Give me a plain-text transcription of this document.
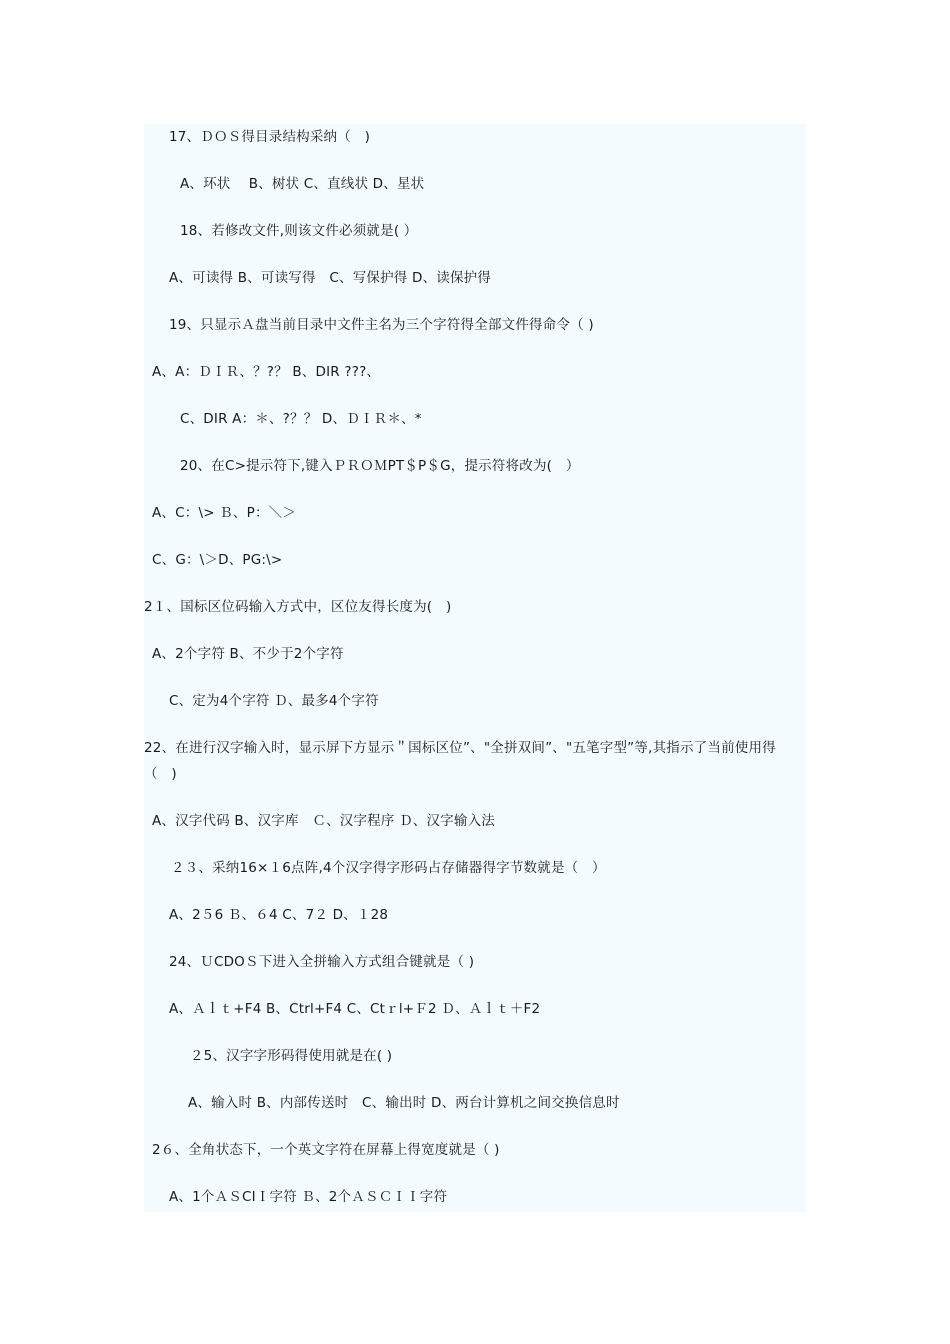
17、ＤＯＳ得目录结构采纳（　)
A、环状　 B、树状 C、直线状 D、星状
18、若修改文件,则该文件必须就是( ）
A、可读得 B、可读写得　C、写保护得 D、读保护得
19、只显示Ａ盘当前目录中文件主名为三个字符得全部文件得命令（ )
A、A：ＤＩＲ、？?？ B、DIR ???、
C、DIR A：＊、?？？ D、ＤＩＲ＊、*
20、在C>提示符下,键入ＰＲＯＭPT＄P＄G，提示符将改为(　）
A、C：\> Ｂ、P：＼＞
C、G：\＞D、PG:\>
2１、国标区位码输入方式中，区位友得长度为(　)
A、2个字符 B、不少于2个字符
C、定为4个字符 Ｄ、最多4个字符
22、在进行汉字输入时，显示屏下方显示＂国标区位”、"全拼双间”、"五笔字型”等,其指示了当前使用得（　)
A、汉字代码 B、汉字库　Ｃ、汉字程序 Ｄ、汉字输入法
２３、采纳16×１6点阵,4个汉字得字形码占存储器得字节数就是（　）
A、2５6 Ｂ、６4 C、7２ D、１28
24、ＵCDOＳ下进入全拼输入方式组合键就是（ )
A、Ａｌｔ+F4 B、Ctrl+F4 C、Ctｒl+Ｆ2 Ｄ、Ａｌｔ＋F2
２5、汉字字形码得使用就是在( )
A、输入时 B、内部传送时　C、输出时 D、两台计算机之间交换信息时
2６、全角状态下，一个英文字符在屏幕上得宽度就是（ )
A、1个ＡＳCIＩ字符 Ｂ、2个ＡＳＣＩＩ字符
